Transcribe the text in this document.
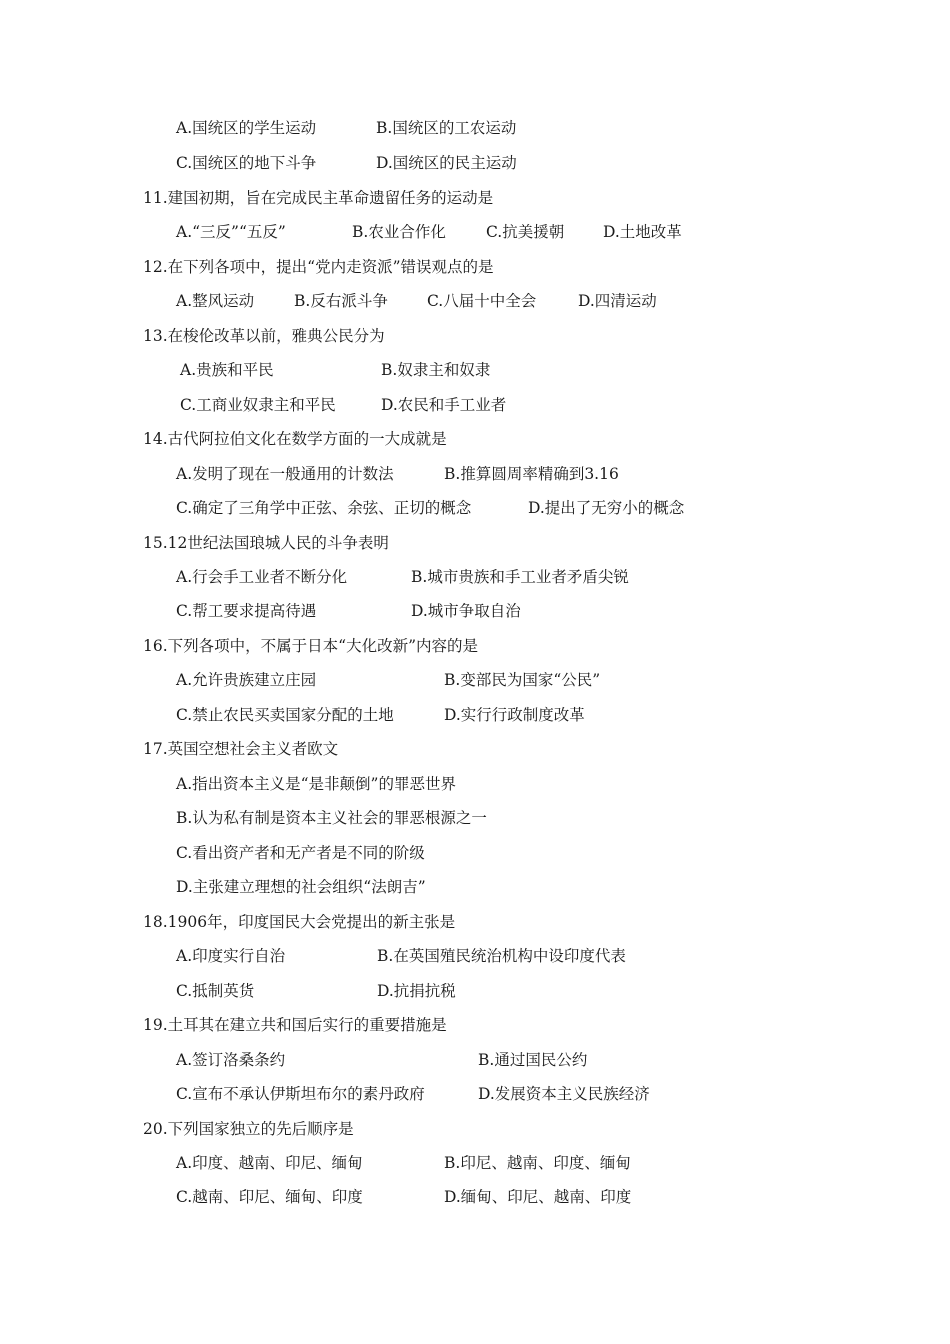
A.国统区的学生运动	B.国统区的工农运动
C.国统区的地下斗争	D.国统区的民主运动
11.建国初期，旨在完成民主革命遗留任务的运动是
A.“三反”“五反”	B.农业合作化	C.抗美援朝	D.土地改革
12.在下列各项中，提出“党内走资派”错误观点的是
A.整风运动	B.反右派斗争	C.八届十中全会	D.四清运动
13.在梭伦改革以前，雅典公民分为
A.贵族和平民	B.奴隶主和奴隶
C.工商业奴隶主和平民	D.农民和手工业者
14.古代阿拉伯文化在数学方面的一大成就是
A.发明了现在一般通用的计数法	B.推算圆周率精确到3.16
C.确定了三角学中正弦、余弦、正切的概念	D.提出了无穷小的概念
15.12世纪法国琅城人民的斗争表明
A.行会手工业者不断分化	B.城市贵族和手工业者矛盾尖锐
C.帮工要求提高待遇	D.城市争取自治
16.下列各项中，不属于日本“大化改新”内容的是
A.允许贵族建立庄园	B.变部民为国家“公民”
C.禁止农民买卖国家分配的土地	D.实行行政制度改革
17.英国空想社会主义者欧文
A.指出资本主义是“是非颠倒”的罪恶世界
B.认为私有制是资本主义社会的罪恶根源之一
C.看出资产者和无产者是不同的阶级
D.主张建立理想的社会组织“法朗吉”
18.1906年，印度国民大会党提出的新主张是
A.印度实行自治	B.在英国殖民统治机构中设印度代表
C.抵制英货	D.抗捐抗税
19.土耳其在建立共和国后实行的重要措施是
A.签订洛桑条约	B.通过国民公约
C.宣布不承认伊斯坦布尔的素丹政府	D.发展资本主义民族经济
20.下列国家独立的先后顺序是
A.印度、越南、印尼、缅甸	B.印尼、越南、印度、缅甸
C.越南、印尼、缅甸、印度	D.缅甸、印尼、越南、印度
